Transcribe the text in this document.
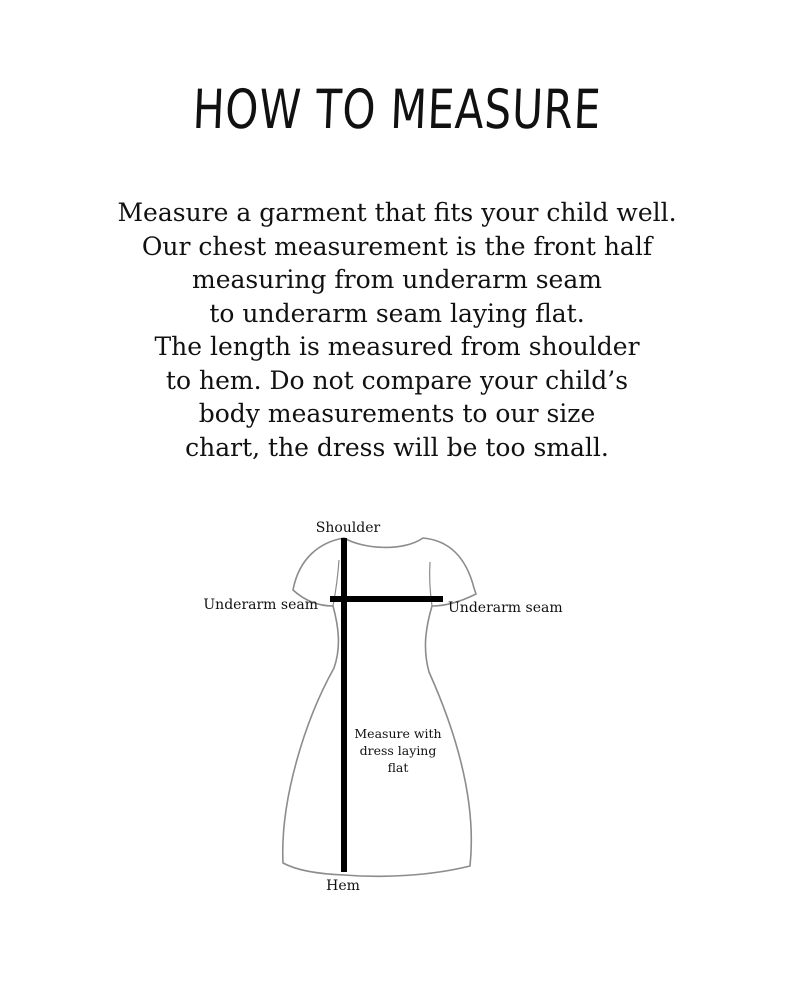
HOW TO MEASURE
Measure a garment that fits your child well.
Our chest measurement is the front half
measuring from underarm seam
to underarm seam laying flat.
The length is measured from shoulder
to hem. Do not compare your child’s
body measurements to our size
chart, the dress will be too small.
Shoulder
Underarm seam	Underarm seam
Hem
Measure with
dress laying
flat
